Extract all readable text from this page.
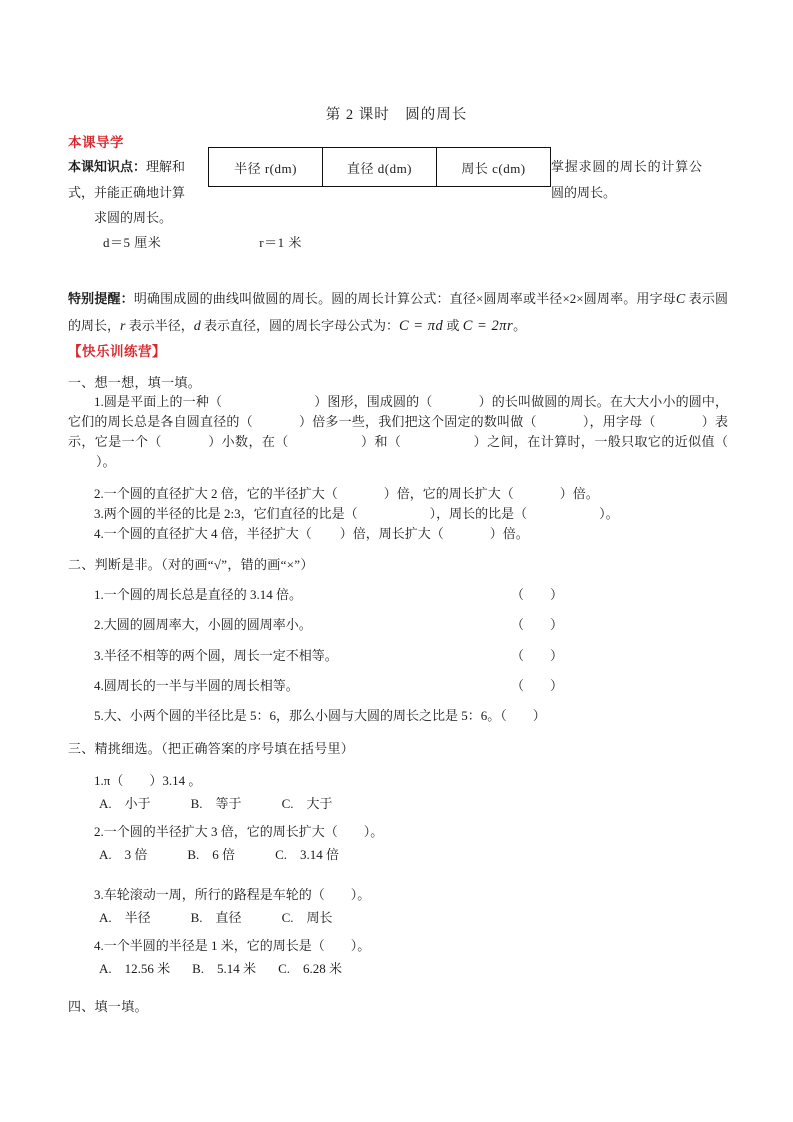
第 2 课时　圆的周长
本课导学
本课知识点：理解和
式，并能正确地计算
求圆的周长。
半径 r(dm)	直径 d(dm)	周长 c(dm) 掌握求圆的周长的计算公
圆的周长。
d＝5 厘米	r＝1 米
特别提醒：明确围成圆的曲线叫做圆的周长。圆的周长计算公式：直径×圆周率或半径×2×圆周率。用字母C 表示圆的周长，r 表示半径，d 表示直径，圆的周长字母公式为：C = πd 或 C = 2πr。
【快乐训练营】
一、想一想，填一填。
1.圆是平面上的一种（	）图形，围成圆的（	）的长叫做圆的周长。在大大小小的圆中，它们的周长总是各自圆直径的（	）倍多一些，我们把这个固定的数叫做（	），用字母（	）表示，它是一个（	）小数，在（	）和（	）之间，在计算时，一般只取它的近似值（）。
2.一个圆的直径扩大 2 倍，它的半径扩大（	）倍，它的周长扩大（	）倍。
3.两个圆的半径的比是 2:3，它们直径的比是（	），周长的比是（	）。
4.一个圆的直径扩大 4 倍，半径扩大（ ）倍，周长扩大（	）倍。
二、判断是非。（对的画“√”，错的画“×”）
1.一个圆的周长总是直径的 3.14 倍。	（　　）
2.大圆的圆周率大，小圆的圆周率小。	（　　）
3.半径不相等的两个圆，周长一定不相等。	（　　）
4.圆周长的一半与半圆的周长相等。	（　　）
5.大、小两个圆的半径比是 5：6，那么小圆与大圆的周长之比是 5：6。（　　）
三、精挑细选。（把正确答案的序号填在括号里）
1.π（　　）3.14 。
A.　小于	B.　等于	C.　大于
2.一个圆的半径扩大 3 倍，它的周长扩大（　　）。
A.　3 倍	B.　6 倍	C.　3.14 倍
3.车轮滚动一周，所行的路程是车轮的（　　）。
A.　半径	B.　直径	C.　周长
4.一个半圆的半径是 1 米，它的周长是（　　）。
A.　12.56 米 B.　5.14 米 C.　6.28 米
四、填一填。
